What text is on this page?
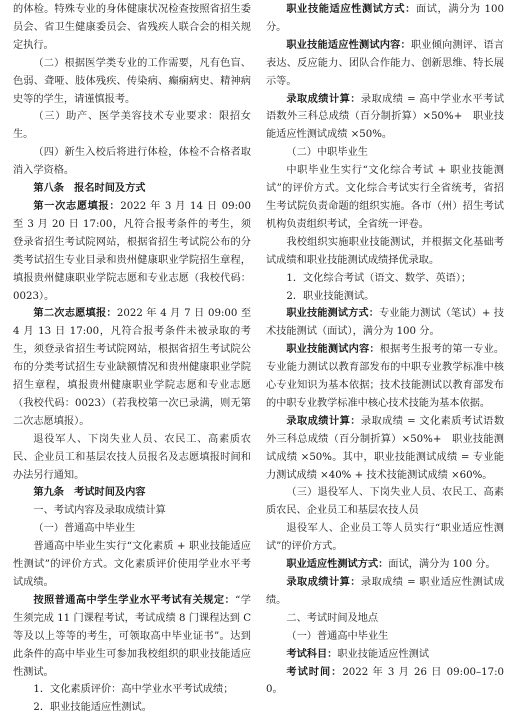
的体检。特殊专业的身体健康状况检查按照省招生委员会、省卫生健康委员会、省残疾人联合会的相关规定执行。

（二）根据医学类专业的工作需要，凡有色盲、色弱、聋哑、肢体残疾、传染病、癫痫病史、精神病史等的学生，请谨慎报考。

（三）助产、医学美容技术专业要求：限招女生。

（四）新生入校后将进行体检，体检不合格者取消入学资格。

第八条　报名时间及方式

第一次志愿填报：2022 年 3 月 14 日 09:00 至 3 月 20 日 17:00，凡符合报考条件的考生，须登录省招生考试院网站，根据省招生考试院公布的分类考试招生专业目录和贵州健康职业学院招生章程，填报贵州健康职业学院志愿和专业志愿（我校代码：0023）。

第二次志愿填报：2022 年 4 月 7 日 09:00 至 4 月 13 日 17:00，凡符合报考条件未被录取的考生，须登录省招生考试院网站，根据省招生考试院公布的分类考试招生专业缺额情况和贵州健康职业学院招生章程，填报贵州健康职业学院志愿和专业志愿（我校代码：0023）（若我校第一次已录满，则无第二次志愿填报）。

退役军人、下岗失业人员、农民工、高素质农民、企业员工和基层农技人员报名及志愿填报时间和办法另行通知。

第九条　考试时间及内容

一、考试内容及录取成绩计算

（一）普通高中毕业生

普通高中毕业生实行“文化素质 + 职业技能适应性测试”的评价方式。文化素质评价使用学业水平考试成绩。

按照普通高中学生学业水平考试有关规定：“学生须完成 11 门课程考试，考试成绩 8 门课程达到 C 等及以上等等的考生，可领取高中毕业证书”。达到此条件的高中毕业生可参加我校组织的职业技能适应性测试。

1．文化素质评价：高中学业水平考试成绩；

2．职业技能适应性测试。

职业技能适应性测试方式：面试，满分为 100 分。

职业技能适应性测试内容：职业倾向测评、语言表达、反应能力、团队合作能力、创新思维、特长展示等。

录取成绩计算：录取成绩 = 高中学业水平考试语数外三科总成绩（百分制折算）×50%+　职业技能适应性测试成绩 ×50%。

（二）中职毕业生

中职毕业生实行“文化综合考试 + 职业技能测试”的评价方式。文化综合考试实行全省统考，省招生考试院负责命题的组织实施。各市（州）招生考试机构负责组织考试，全省统一评卷。

我校组织实施职业技能测试，并根据文化基础考试成绩和职业技能测试成绩择优录取。

1．文化综合考试（语文、数学、英语）；

2．职业技能测试。

职业技能测试方式：专业能力测试（笔试）+ 技术技能测试（面试），满分为 100 分。

职业技能测试内容：根据考生报考的第一专业。专业能力测试以教育部发布的中职专业教学标准中核心专业知识为基本依据；技术技能测试以教育部发布的中职专业教学标准中核心技术技能为基本依据。

录取成绩计算：录取成绩 = 文化素质考试语数外三科总成绩（百分制折算）×50%+　职业技能测试成绩 ×50%。其中，职业技能测试成绩 = 专业能力测试成绩 ×40% + 技术技能测试成绩 ×60%。

（三）退役军人、下岗失业人员、农民工、高素质农民、企业员工和基层农技人员

退役军人、企业员工等人员实行“职业适应性测试”的评价方式。

职业适应性测试方式：面试，满分为 100 分。

录取成绩计算：录取成绩 = 职业适应性测试成绩。

二、考试时间及地点

（一）普通高中毕业生

考试科目：职业技能适应性测试

考试时间：2022 年 3 月 26 日 09:00–17:00。
